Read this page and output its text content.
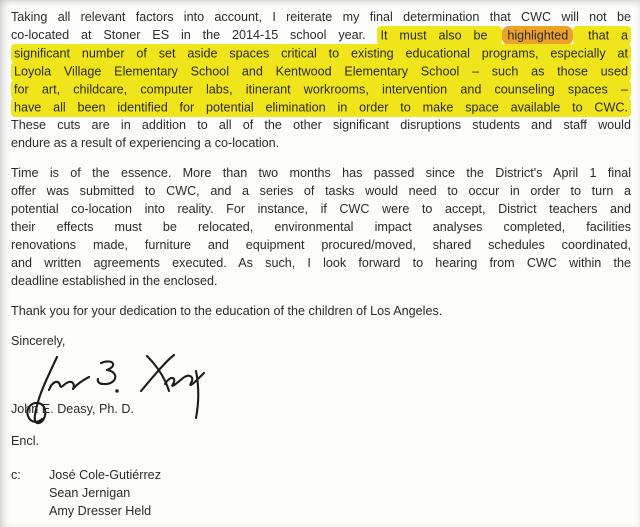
Taking all relevant factors into account, I reiterate my final determination that CWC will not be
co-located at Stoner ES in the 2014-15 school year. It must also be highlighted that a
significant number of set aside spaces critical to existing educational programs, especially at
Loyola Village Elementary School and Kentwood Elementary School – such as those used
for art, childcare, computer labs, itinerant workrooms, intervention and counseling spaces –
have all been identified for potential elimination in order to make space available to CWC.
These cuts are in addition to all of the other significant disruptions students and staff would
endure as a result of experiencing a co-location.
Time is of the essence. More than two months has passed since the District's April 1 final
offer was submitted to CWC, and a series of tasks would need to occur in order to turn a
potential co-location into reality. For instance, if CWC were to accept, District teachers and
their effects must be relocated, environmental impact analyses completed, facilities
renovations made, furniture and equipment procured/moved, shared schedules coordinated,
and written agreements executed. As such, I look forward to hearing from CWC within the
deadline established in the enclosed.
Thank you for your dedication to the education of the children of Los Angeles.
Sincerely,
John E. Deasy, Ph. D.
Encl.
c:	José Cole-Gutiérrez
Sean Jernigan
Amy Dresser Held
